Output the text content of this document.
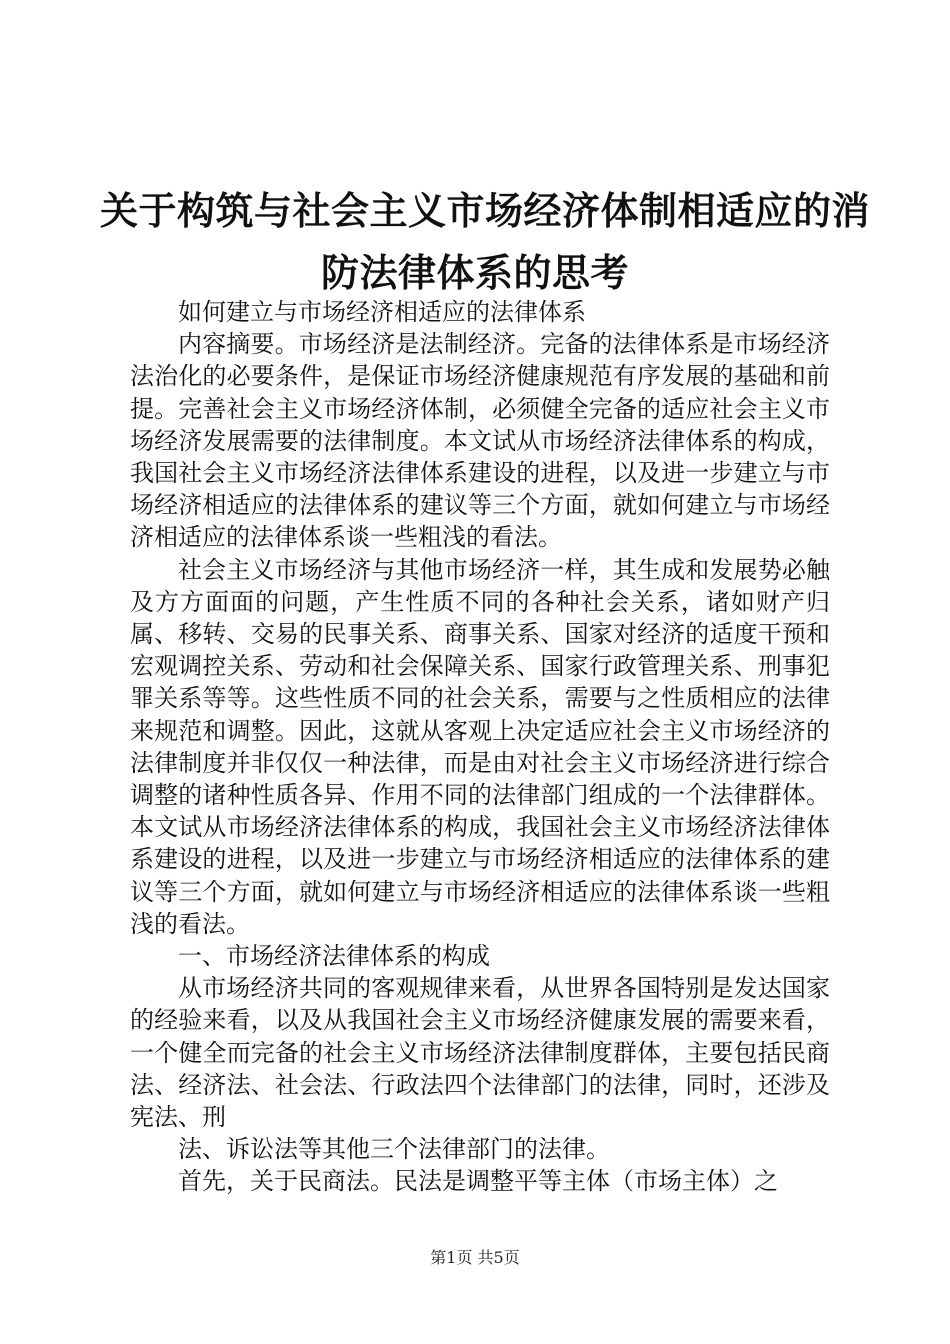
关于构筑与社会主义市场经济体制相适应的消
防法律体系的思考

如何建立与市场经济相适应的法律体系

内容摘要。市场经济是法制经济。完备的法律体系是市场经济法治化的必要条件，是保证市场经济健康规范有序发展的基础和前提。完善社会主义市场经济体制，必须健全完备的适应社会主义市场经济发展需要的法律制度。本文试从市场经济法律体系的构成，我国社会主义市场经济法律体系建设的进程，以及进一步建立与市场经济相适应的法律体系的建议等三个方面，就如何建立与市场经济相适应的法律体系谈一些粗浅的看法。

社会主义市场经济与其他市场经济一样，其生成和发展势必触及方方面面的问题，产生性质不同的各种社会关系，诸如财产归属、移转、交易的民事关系、商事关系、国家对经济的适度干预和宏观调控关系、劳动和社会保障关系、国家行政管理关系、刑事犯罪关系等等。这些性质不同的社会关系，需要与之性质相应的法律来规范和调整。因此，这就从客观上决定适应社会主义市场经济的法律制度并非仅仅一种法律，而是由对社会主义市场经济进行综合调整的诸种性质各异、作用不同的法律部门组成的一个法律群体。本文试从市场经济法律体系的构成，我国社会主义市场经济法律体系建设的进程，以及进一步建立与市场经济相适应的法律体系的建议等三个方面，就如何建立与市场经济相适应的法律体系谈一些粗浅的看法。

一、市场经济法律体系的构成

从市场经济共同的客观规律来看，从世界各国特别是发达国家的经验来看，以及从我国社会主义市场经济健康发展的需要来看，一个健全而完备的社会主义市场经济法律制度群体，主要包括民商法、经济法、社会法、行政法四个法律部门的法律，同时，还涉及宪法、刑

法、诉讼法等其他三个法律部门的法律。

首先，关于民商法。民法是调整平等主体（市场主体）之

第1页 共5页
